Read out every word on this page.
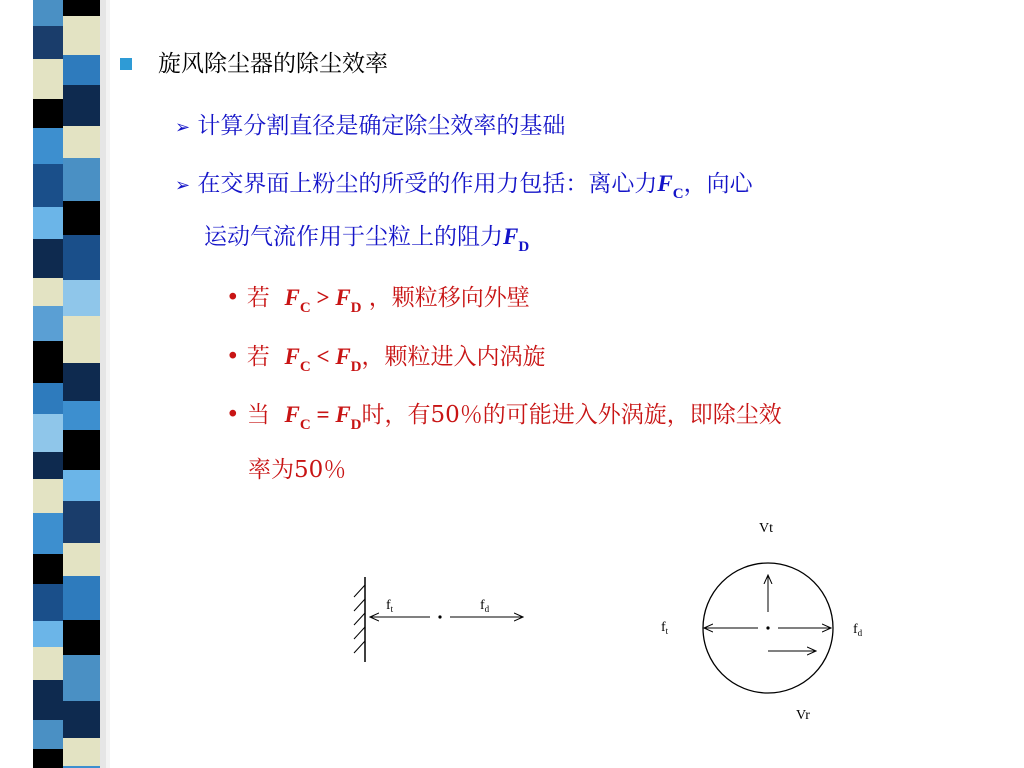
旋风除尘器的除尘效率
➢ 计算分割直径是确定除尘效率的基础
➢ 在交界面上粉尘的所受的作用力包括：离心力$F_C$，向心
运动气流作用于尘粒上的阻力$F_D$
• 若 $F_C > F_D$ ，颗粒移向外壁
• 若 $F_C < F_D$，颗粒进入内涡旋
• 当 $F_C = F_D$时，有50％的可能进入外涡旋，即除尘效
率为50％
$f_t$	$f_d$
Vt
Vr
$f_t$	$f_d$
